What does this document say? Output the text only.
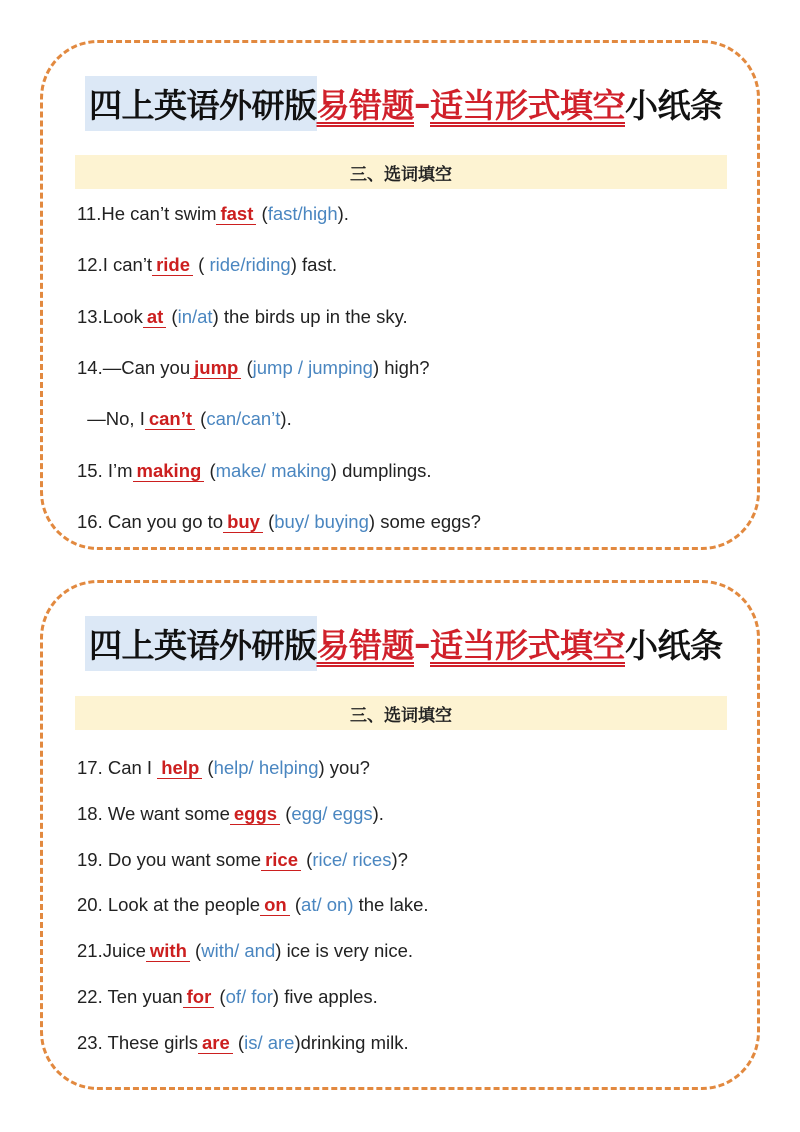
四上英语外研版 易错题 – 适当形式填空 小纸条
三、选词填空
11.He can’t swim fast (fast/high).
12.I can’t ride ( ride/riding) fast.
13.Look at (in/at) the birds up in the sky.
14.—Can you jump (jump / jumping) high?
—No, I can’t (can/can’t).
15. I’m making (make/ making) dumplings.
16. Can you go to buy (buy/ buying) some eggs?
四上英语外研版 易错题 – 适当形式填空 小纸条
三、选词填空
17. Can I help (help/ helping) you?
18. We want some eggs (egg/ eggs).
19. Do you want some rice (rice/ rices)?
20. Look at the people on (at/ on) the lake.
21.Juice with (with/ and) ice is very nice.
22. Ten yuan for (of/ for) five apples.
23. These girls are (is/ are)drinking milk.
